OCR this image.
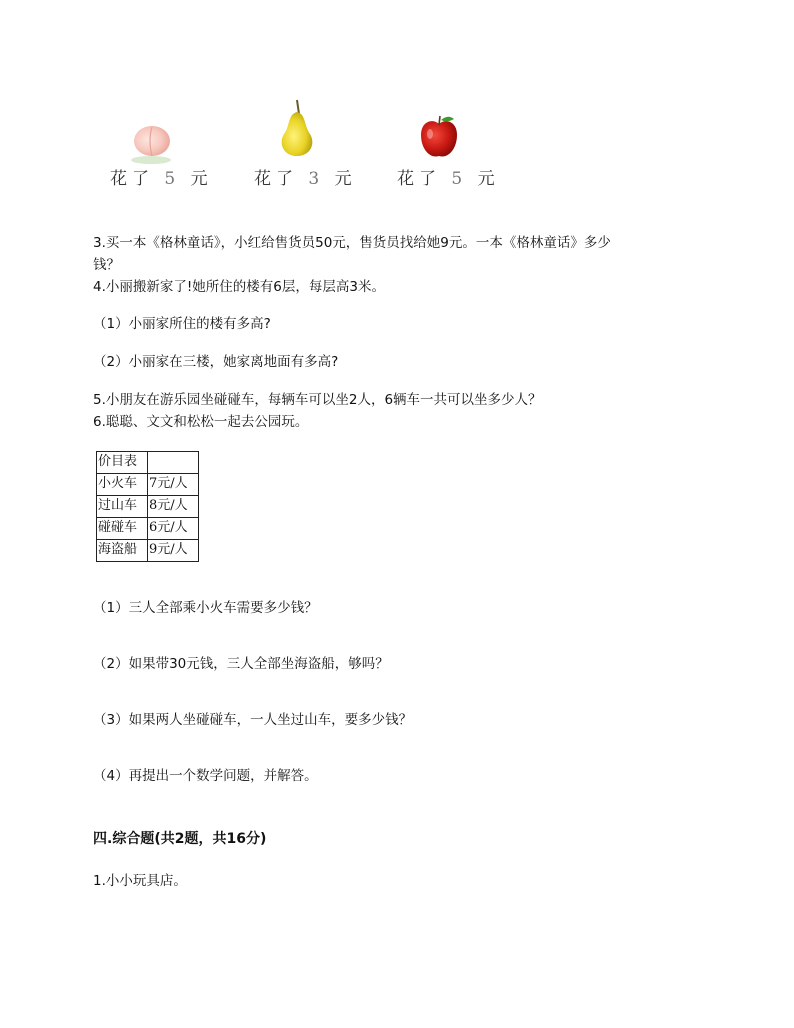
花了 5 元 花了 3 元 花了 5 元
3.买一本《格林童话》，小红给售货员50元，售货员找给她9元。一本《格林童话》多少
钱？
4.小丽搬新家了!她所住的楼有6层，每层高3米。
（1）小丽家所住的楼有多高?
（2）小丽家在三楼，她家离地面有多高?
5.小朋友在游乐园坐碰碰车，每辆车可以坐2人，6辆车一共可以坐多少人？
6.聪聪、文文和松松一起去公园玩。
价目表	
小火车	7元/人
过山车	8元/人
碰碰车	6元/人
海盗船	9元/人
（1）三人全部乘小火车需要多少钱？
（2）如果带30元钱，三人全部坐海盗船，够吗？
（3）如果两人坐碰碰车，一人坐过山车，要多少钱？
（4）再提出一个数学问题，并解答。
四.综合题(共2题，共16分)
1.小小玩具店。
